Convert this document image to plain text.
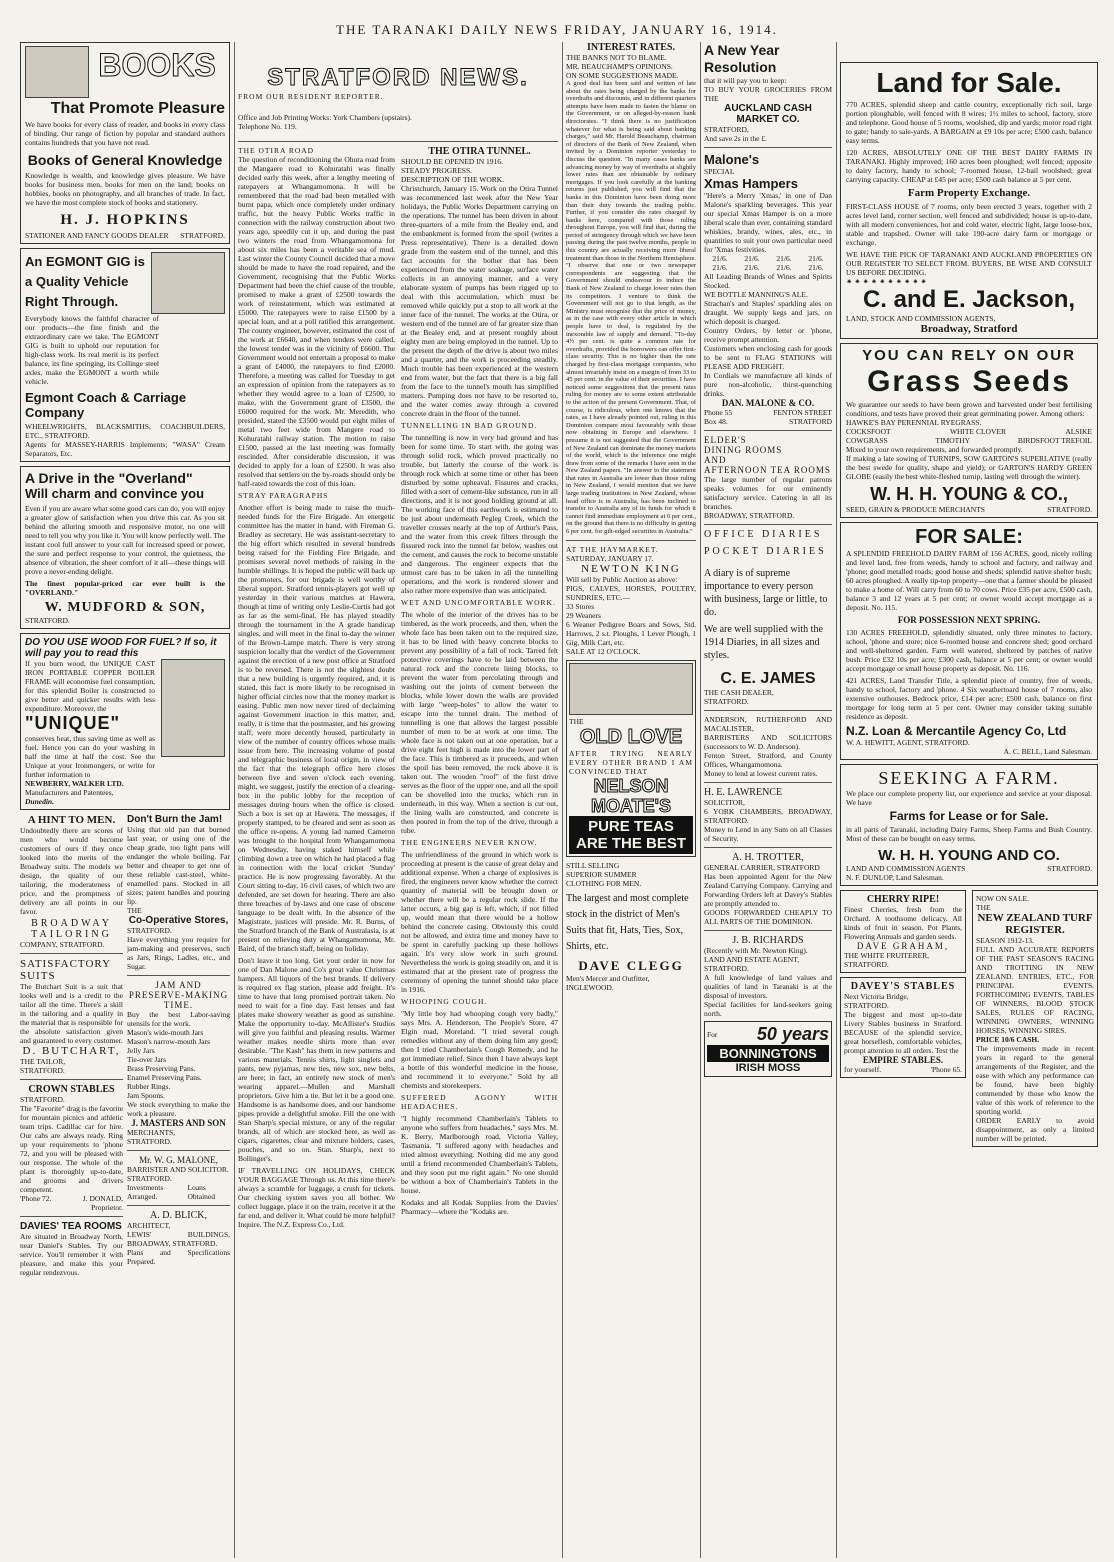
$_{THE TARANAKI DAILY NEWS FRIDAY, JANUARY 16, 1914.}$
BOOKS
That Promote Pleasure
We have books for every class of reader, and books in every class of binding. Our range of fiction by popular and standard authors contains hundreds that you have not read.
Books of General Knowledge
Knowledge is wealth, and knowledge gives pleasure. We have books for business men, books for men on the land; books on hobbies, books on photography, and all branches of trade. In fact, we have the most complete stock of books and stationery.
H. J. HOPKINS
STATIONER AND FANCY GOODS DEALER STRATFORD.
An EGMONT GIG is a Quality Vehicle Right Through.
Everybody knows the faithful character of our products—the fine finish and the extraordinary care we take. The EGMONT GIG is built to uphold our reputation for high-class work. Its real merit is its perfect balance, its fine springing, its Collinge steel axles, make the EGMONT a worth while vehicle.
Egmont Coach & Carriage Company
WHEELWRIGHTS, BLACKSMITHS, COACHBUILDERS, ETC., STRATFORD.
Agents for MASSEY-HARRIS Implements; "WASA" Cream Separators, Etc.
A Drive in the "Overland"
Will charm and convince you
Even if you are aware what some good cars can do, you will enjoy a greater glow of satisfaction when you drive this car. As you sit behind the alluring smooth and responsive motor, no one will need to tell you why you like it. You will know perfectly well. The instant cool full answer to your call for increased speed or power, the sure and perfect response to your control, the quietness, the absence of vibration, the sheer comfort of it all—these things will prove a never-ending delight.
The finest popular-priced car ever built is the "OVERLAND."
W. MUDFORD & SON,
STRATFORD.
DO YOU USE WOOD FOR FUEL? If so, it will pay you to read this
If you burn wood, the UNIQUE CAST IRON PORTABLE COPPER BOILER FRAME will economise fuel consumption, for this splendid Boiler is constructed to give better and quicker results with less expenditure. Moreover, the
"UNIQUE"
conserves heat, thus saving time as well as fuel. Hence you can do your washing in half the time at half the cost. See the Unique at your Ironmongers, or write for further information to
NEWBERRY, WALKER LTD.
Manufacturers and Patentees,
Dunedin.
A HINT TO MEN.
Undoubtedly there are scores of men who would become customers of ours if they once looked into the merits of the Broadway suits. The models we design, the quality of our tailoring, the moderateness of price, and the promptness of delivery are all points in our favor.
BROADWAY
TAILORING
COMPANY, STRATFORD.
SATISFACTORY SUITS
The Butchart Suit is a suit that looks well and is a credit to the tailor all the time. There's a skill in the tailoring and a quality in the material that is responsible for the absolute satisfaction given and guaranteed to every customer.
D. BUTCHART,
THE TAILOR,
STRATFORD.
CROWN STABLES
STRATFORD.
The "Favorite" drag is the favorite for mountain picnics and athletic team trips. Cadillac car for hire. Our cabs are always ready. Ring up your requirements to 'phone 72, and you will be pleased with our response. The whole of the plant is thoroughly up-to-date, and grooms and drivers competent.
'Phone 72.	J. DONALD,
Proprietor.
DAVIES' TEA ROOMS
Are situated in Broadway North, near Daniel's Stables. Try our service. You'll remember it with pleasure, and make this your regular rendezvous.
Don't Burn the Jam!
Using that old pan that burned last year, or using one of the cheap grade, too light pans will endanger the whole boiling. Far better and cheaper to get one of these reliable cast-steel, white-enamelled pans. Stocked in all sizes; patent handles and pouring lip.
THE
Co-Operative Stores,
STRATFORD.
Have everything you require for jam-making and preserves, such as Jars, Rings, Ladles, etc., and Sugar.
JAM AND PRESERVE-MAKING TIME.
Buy the best Labor-saving utensils for the work.
Mason's wide-mouth Jars
Mason's narrow-mouth Jars
Jelly Jars
Tie-over Jars
Brass Preserving Pans.
Enamel Preserving Pans.
Rubber Rings.
Jam Spoons.
We stock everything to make the work a pleasure.
J. MASTERS AND SON
MERCHANTS,
STRATFORD.
Mr. W. G. MALONE,
BARRISTER AND SOLICITOR.
STRATFORD.
Investments Arranged.
Loans Obtained
A. D. BLICK,
ARCHITECT,
LEWIS' BUILDINGS, BROADWAY, STRATFORD.
Plans and Specifications Prepared.
STRATFORD NEWS.
FROM OUR RESIDENT REPORTER.
Office and Job Printing Works: York Chambers (upstairs).
Telephone No. 119.
THE OTIRA ROAD
The question of reconditioning the Ohura road from the Mangaere road to Kohuratahi was finally decided early this week, after a lengthy meeting of ratepayers at Whangamomona. It will be remembered that the road had been metalled with burnt papa, which once completely under ordinary traffic, but the heavy Public Works traffic in connection with the railway construction about two years ago, speedily cut it up, and during the past two winters the road from Whangamomona for about six miles has been a veritable sea of mud. Last winter the County Council decided that a move should be made to have the road repaired, and the Government, recognising that the Public Works Department had been the chief cause of the trouble, promised to make a grant of £2500 towards the work of reinstatement, which was estimated at £5000. The ratepayers were to raise £1500 by a special loan, and at a poll ratified this arrangement. The county engineer, however, estimated the cost of the work at £6640, and when tenders were called, the lowest tender was in the vicinity of £6600. The Government would not entertain a proposal to make a grant of £4000, the ratepayers to find £2000. Therefore, a meeting was called for Tuesday to get an expression of opinion from the ratepayers as to whether they would agree to a loan of £2500, to make, with the Government grant of £3500, the £6000 required for the work. Mr. Meredith, who presided, stated the £3500 would put eight miles of metal two feet wide from Mangere road to Kohuratahi railway station. The motion to raise £1500, passed at the last meeting was formally rescinded. After considerable discussion, it was decided to apply for a loan of £2500. It was also resolved that settlers on the by-roads should only be half-rated towards the cost of this loan.
STRAY PARAGRAPHS
Another effort is being made to raise the much-needed funds for the Fire Brigade. An energetic committee has the matter in hand, with Fireman G. Bradley as secretary. He was assistant-secretary to the big effort which resulted in several hundreds being raised for the Fielding Fire Brigade, and promises several novel methods of raising in the humble shillings. It is hoped the public will back up the promoters, for our brigade is well worthy of liberal support. Stratford tennis-players got well up yesterday in their various matches at Hawera, though at time of writing only Leslie-Curtis had got as far as the semi-final. He has played steadily through the tournament in the A grade handicap singles, and will meet in the final to-day the winner of the Brown-Lampe match. There is very strong suspicion locally that the verdict of the Government against the erection of a new post office at Stratford is to be reversed. There is not the slightest doubt that a new building is urgently required, and, it is stated, this fact is more likely to be recognised in higher official circles now that the money market is easing. Public men now never tired of declaiming against Government inaction in this matter, and, really, it is time that the postmaster, and his growing staff, were more decently housed, particularly in view of the number of country offices whose mails issue from here. The increasing volume of postal and telegraphic business of local origin, in view of the fact that the telegraph office here closes between five and seven o'clock each evening, might, we suggest, justify the erection of a clearing-box in the public lobby for the reception of messages during hours when the office is closed. Such a box is set up at Hawera. The messages, if properly stamped, to be cleared and sent as soon as the office re-opens. A young lad named Cameron was brought to the hospital from Whangamomona on Wednesday, having staked himself while climbing down a tree on which he had placed a flag in connection with the local cricket 'Sunday' practice. He is now progressing favorably. At the Court sitting to-day, 16 civil cases, of which two are defended, are set down for hearing. There are also three breaches of by-laws and one case of obscene language to be dealt with. In the absence of the Magistrate, justices will preside. Mr. R. Burns, of the Stratford branch of the Bank of Australasia, is at present on relieving duty at Whangamomona, Mr. Baird, of the branch staff, being on holiday.
Don't leave it too long. Get your order in now for one of Dan Malone and Co's great value Christmas hampers. All liquors of the best brands. If delivery is required ex flag station, please add freight. It's time to have that long promised portrait taken. No need to wait for a fine day. Fast lenses and fast plates make showery weather as good as sunshine. Make the opportunity to-day. McAllister's Studios will give you faithful and pleasing results. Warmer weather makes needle shirts more than ever desirable. "The Kash" has them in new patterns and various materials. Tennis shirts, light singlets and pants, new pyjamas, new ties, new sox, new belts, are here; in fact, an entirely new stock of men's wearing apparel.—Mullen and Marshall proprietors. Give him a tie. But let it be a good one. Handsome is as handsome does, and our handsome pipes provide a delightful smoke. Fill the one with Stan Sharp's special mixture, or any of the regular brands, all of which are stocked here, as well as cigars, cigarettes, clear and mixture holders, cases, pouches, and so on. Stan. Sharp's, next to Bollinger's.
IF TRAVELLING ON HOLIDAYS, CHECK YOUR BAGGAGE Through us. At this time there's always a scramble for luggage, a crush for tickets. Our checking system saves you all bother. We collect luggage, place it on the train, receive it at the far end, and deliver it. What could be more helpful? Inquire. The N.Z. Express Co., Ltd.
THE OTIRA TUNNEL.
SHOULD BE OPENED IN 1916.
STEADY PROGRESS.
DESCRIPTION OF THE WORK.
Christchurch, January 15. Work on the Otira Tunnel was recommenced last week after the New Year holidays, the Public Works Department carrying on the operations. The tunnel has been driven in about three-quarters of a mile from the Bealey end, and the embankment is formed from the spoil (writes a Press representative). There is a derailed down grade from the eastern end of the tunnel, and this fact accounts for the bother that has been experienced from the water soakage, surface water collects in an annoying manner, and a very elaborate system of pumps has been rigged up to deal with this accumulation, which must be removed while quickly put a stop to all work at the inner face of the tunnel. The works at the Otira, or western end of the tunnel are of far greater size than at the Bealey end, and at present roughly about eighty men are being employed in the tunnel. Up to the present the depth of the drive is about two miles and a quarter, and the work is proceeding steadily. Much trouble has been experienced at the western end from water, but the fact that there is a big fall from the face to the tunnel's mouth has simplified matters. Pumping does not have to be resorted to, and the water comes away through a covered concrete drain in the floor of the tunnel.
TUNNELLING IN BAD GROUND.
The tunnelling is now in very bad ground and has been for some time. To start with, the going was through solid rock, which proved practically no trouble, but latterly the course of the work is through rock which at some time or other has been disturbed by some upheaval. Fissures and cracks, filled with a sort of cement-like substance, run in all directions, and it is not good holding ground at all. The working face of this earthwork is estimated to be just about underneath Pegleg Creek, which the traveller crosses nearly at the top of Arthur's Pass, and the water from this creek filters through the fissured rock into the tunnel far below, washes out the cement, and causes the rock to become unstable and dangerous. The engineer expects that the utmost care has to be taken in all the tunnelling operations, and the work is rendered slower and also rather more expensive than was anticipated.
WET AND UNCOMFORTABLE WORK.
The whole of the interior of the drives has to be timbered, as the work proceeds, and then, when the whole face has been taken out to the required size, it has to be lined with heavy concrete blocks to prevent any possibility of a fall of rock. Tarred felt protective coverings have to be laid between the natural rock and the concrete lining blocks, to prevent the water from percolating through and washing out the joints of cement between the blocks, while lower down the walls are provided with large "weep-holes" to allow the water to escape into the tunnel drain. The method of tunnelling is one that allows the largest possible number of men to be at work at one time. The whole face is not taken out at one operation, but a drive eight feet high is made into the lower part of the face. This is timbered as it proceeds, and when the spoil has been removed, the rock above it is taken out. The wooden "roof" of the first drive serves as the floor of the upper one, and all the spoil can be shovelled into the trucks, which run in underneath, in this way. When a section is cut out, the lining walls are constructed, and concrete is then poured in from the top of the drive, through a tube.
THE ENGINEERS NEVER KNOW.
The unfriendliness of the ground in which work is proceeding at present is the cause of great delay and additional expense. When a charge of explosives is fired, the engineers never know whether the correct quantity of material will be brought down or whether there will be a regular rock slide. If the latter occurs, a big gap is left, which, if not filled up, would mean that there would be a hollow behind the concrete casing. Obviously this could not be allowed, and extra time and money have to be spent in carefully packing up these hollows again. It's very slow work in such ground. Nevertheless the work is going steadily on, and it is estimated that at the present rate of progress the ceremony of opening the tunnel should take place in 1916.
WHOOPING COUGH.
"My little boy had whooping cough very badly," says Mrs. A. Henderson, The People's Store, 47 Elgin road, Moreland. "I tried several cough remedies without any of them doing him any good; then I tried Chamberlain's Cough Remedy, and he got immediate relief. Since then I have always kept a bottle of this wonderful medicine in the house, and recommend it to everyone." Sold by all chemists and storekeepers.
SUFFERED AGONY WITH HEADACHES.
"I highly recommend Chamberlain's Tablets to anyone who suffers from headaches," says Mrs. M. K. Berry, Marlborough road, Victoria Valley, Tasmania. "I suffered agony with headaches and tried almost everything. Nothing did me any good until a friend recommended Chamberlain's Tablets, and they soon put me right again." No one should be without a box of Chamberlain's Tablets in the house.
Kodaks and all Kodak Supplies from the Davies' Pharmacy—where the "Kodaks are.
INTEREST RATES.
THE BANKS NOT TO BLAME.
MR. BEAUCHAMP'S OPINIONS.
ON SOME SUGGESTIONS MADE.
A good deal has been said and written of late about the rates being charged by the banks for overdrafts and discounts, and in different quarters attempts have been made to fasten the blame on the Government, or on alleged-by-reason bank directorates. "I think there is no justification whatever for what is being said about banking charges," said Mr. Harold Beauchamp, chairman of directors of the Bank of New Zealand, when invited by a Dominion reporter yesterday to discuss the question. "In many cases banks are advancing money by way of overdrafts at slightly lower rates than are obtainable by ordinary mortgages. If you look carefully at the banking returns just published, you will find that the banks in this Dominion have been doing more than their duty towards the trading public. Further, if you consider the rates charged by banks here, compared with those ruling throughout Europe, you will find that, during the period of stringency through which we have been passing during the past twelve months, people in this country are actually receiving more liberal treatment than those in the Northern Hemisphere. "I observe that one or two newspaper correspondents are suggesting that the Government should endeavour to induce the Bank of New Zealand to charge lower rates than its competitors. I venture to think the Government will not go to that length, as the Ministry must recognise that the price of money, as in the case with every other article in which people have to deal, is regulated by the inexorable law of supply and demand. "To-day 4½ per cent. is quite a common rate for overdrafts, provided the borrowers can offer first-class security. This is no higher than the rate charged by first-class mortgage companies, who almost invariably insist on a margin of from 33 to 45 per cent. in the value of their securities. I have noticed some suggestions that the present rates ruling for money are to some extent attributable to the action of the present Government. That, of course, is ridiculous, when one knows that the rates, as I have already pointed out, ruling in this Dominion compare most favourably with those now obtaining in Europe and elsewhere. I presume it is not suggested that the Government of New Zealand can dominate the money markets of the world, which is the inference one might draw from some of the remarks I have seen in the New Zealand papers. "In answer to the statement that rates in Australia are lower than those ruling in New Zealand, I would mention that we have large trading institutions in New Zealand, whose head office is in Australia, has been inclined to transfer to Australia any of its funds for which it cannot find immediate employment at 6 per cent., on the ground that there is no difficulty in getting 6 per cent. for gilt-edged securities in Australia."
AT THE HAYMARKET.
SATURDAY, JANUARY 17.
NEWTON KING
Will sell by Public Auction as above:
PIGS, CALVES, HORSES, POULTRY, SUNDRIES, ETC.—
33 Stores
29 Weaners
6 Weaner Pedigree Boars and Sows, Std. Harrows, 2 s.t. Ploughs, 1 Lever Plough, 1 Gig, Milk Cart, etc.
SALE AT 12 O'CLOCK.
THE
OLD LOVE
AFTER TRYING NEARLY EVERY OTHER BRAND I AM CONVINCED THAT
NELSON MOATE'S
PURE TEAS ARE THE BEST
STILL SELLING
SUPERIOR SUMMER
CLOTHING FOR MEN.
The largest and most complete stock in the district of Men's Suits that fit, Hats, Ties, Sox, Shirts, etc.
DAVE CLEGG
Men's Mercer and Outfitter,
INGLEWOOD.
A New Year Resolution
that it will pay you to keep:
TO BUY YOUR GROCERIES FROM THE
AUCKLAND CASH MARKET CO.
STRATFORD,
And save 2s in the £.
Malone's
SPECIAL
Xmas Hampers
"Here's a Merry 'Xmas,' in one of Dan Malone's sparkling beverages. This year our special Xmas Hamper is on a more liberal scale than ever, containing standard whiskies, brandy, wines, ales, etc., in quantities to suit your own particular need for 'Xmas festivities.
21/6.	21/6.	21/6.	21/6.
21/6.	21/6.	21/6.	21/6.
All Leading Brands of Wines and Spirits Stocked.
WE BOTTLE MANNING'S ALE.
Strachan's and Staples' sparkling ales on draught. We supply kegs and jars, on which deposit is charged.
Country Orders, by letter or 'phone, receive prompt attention.
Customers when enclosing cash for goods to be sent to FLAG STATIONS will PLEASE ADD FREIGHT.
In Cordials we manufacture all kinds of pure non-alcoholic, thirst-quenching drinks.
DAN. MALONE & CO.
Phone 55	FENTON STREET
Box 48.	STRATFORD
ELDER'S
DINING ROOMS
AND
AFTERNOON TEA ROOMS
The large number of regular patrons speaks volumes for our eminently satisfactory service. Catering in all its branches.
BROADWAY, STRATFORD.
OFFICE DIARIES
POCKET DIARIES
A diary is of supreme importance to every person with business, large or little, to do.
We are well supplied with the 1914 Diaries, in all sizes and styles.
C. E. JAMES
THE CASH DEALER,
STRATFORD.
ANDERSON, RUTHERFORD AND MACALISTER,
BARRISTERS AND SOLICITORS (successors to W. D. Anderson).
Fenton Street, Stratford, and County Offices, Whangamomona.
Money to lend at lowest current rates.
H. E. LAWRENCE
SOLICITOR,
6 YORK CHAMBERS, BROADWAY, STRATFORD.
Money to Lend in any Sum on all Classes of Security.
A. H. TROTTER,
GENERAL CARRIER, STRATFORD
Has been appointed Agent for the New Zealand Carrying Company. Carrying and Forwarding Orders left at Davey's Stables are promptly attended to.
GOODS FORWARDED CHEAPLY TO ALL PARTS OF THE DOMINION.
J. B. RICHARDS
(Recently with Mr. Newton King).
LAND AND ESTATE AGENT,
STRATFORD.
A full knowledge of land values and qualities of land in Taranaki is at the disposal of investors.
Special facilities for land-seekers going north.
For 50 years
BONNINGTONS
IRISH MOSS
Land for Sale.
770 ACRES, splendid sheep and cattle country, exceptionally rich soil, large portion ploughable, well fenced with 8 wires; 1½ miles to school, factory, store and telephone. Good house of 5 rooms, woolshed, dip and yards; motor road right to gate; handy to sale-yards. A BARGAIN at £9 10s per acre; £500 cash, balance easy terms.
120 ACRES, ABSOLUTELY ONE OF THE BEST DAIRY FARMS IN TARANAKI. Highly improved; 160 acres been ploughed; well fenced; opposite to dairy factory, handy to school; 7-roomed house, 12-bail woolshed; great carrying capacity. CHEAP at £45 per acre; £500 cash balance at 5 per cent.
Farm Property Exchange.
FIRST-CLASS HOUSE of 7 rooms, only been erected 3 years, together with 2 acres level land, corner section, well fenced and subdivided; house is up-to-date, with all modern conveniences, hot and cold water, electric light, large loose-box, stable and trapshed. Owner will take 190-acre dairy farm or mortgage or exchange.
WE HAVE THE PICK OF TARANAKI AND AUCKLAND PROPERTIES ON OUR REGISTER TO SELECT FROM. BUYERS, BE WISE AND CONSULT US BEFORE DECIDING.
⁕⁕⁕⁕⁕⁕⁕⁕⁕⁕
C. and E. Jackson,
LAND, STOCK AND COMMISSION AGENTS,
Broadway, Stratford
YOU CAN RELY ON OUR
Grass Seeds
We guarantee our seeds to have been grown and harvested under best fertilising conditions, and tests have proved their great germinating power. Among others:
HAWKE'S BAY PERENNIAL RYEGRASS.
COCKSFOOT	WHITE CLOVER	ALSIKE
COWGRASS	TIMOTHY	BIRDSFOOT TREFOIL
Mixed to your own requirements, and forwarded promptly.
If making a late sowing of TURNIPS, SOW GARTON'S SUPERLATIVE (really the best swede for quality, shape and yield); or GARTON'S HARDY GREEN GLOBE (easily the best white-fleshed turnip, lasting well through the winter).
W. H. H. YOUNG & CO.,
SEED, GRAIN & PRODUCE MERCHANTS	STRATFORD.
FOR SALE:
A SPLENDID FREEHOLD DAIRY FARM of 156 ACRES, good, nicely rolling and level land, free from weeds, handy to school and factory, and railway and 'phone; good metalled roads; good house and sheds; splendid native shelter bush; 60 acres ploughed. A really tip-top property—one that a farmer should be pleased to make a home of. Will carry from 60 to 70 cows. Price £35 per acre, £500 cash, balance 3 and 12 years at 5 per cent; or owner would accept mortgage as a deposit. No. 115.
FOR POSSESSION NEXT SPRING.
130 ACRES FREEHOLD, splendidly situated, only three minutes to factory, school, 'phone and store; nice 6-roomed house and concrete shed; good orchard and well-sheltered garden. Farm well watered, sheltered by patches of native bush. Price £32 10s per acre; £300 cash, balance at 5 per cent; or owner would accept mortgage or small house property as deposit. No. 116.
421 ACRES, Land Transfer Title, a splendid piece of country, free of weeds, handy to school, factory and 'phone. 4 Six weathertoard house of 7 rooms, also extensive outhouses. Bedrock price, £14 per acre; £500 cash, balance on first mortgage for long term at 5 per cent. Owner may consider taking suitable residence as deposit.
N.Z. Loan & Mercantile Agency Co, Ltd
W. A. HEWITT, AGENT, STRATFORD.
A. C. BELL, Land Salesman.
SEEKING A FARM.
We place our complete property list, our experience and service at your disposal. We have
Farms for Lease or for Sale.
in all parts of Taranaki, including Dairy Farms, Sheep Farms and Bush Country. Most of these can be bought on easy terms.
W. H. H. YOUNG AND CO.
LAND AND COMMISSION AGENTS	STRATFORD.
N. F. DUNLOP, Land Salesman.
CHERRY RIPE!
Finest Cherries, fresh from the Orchard. A toothsome delicacy. All kinds of fruit in season. Pot Plants, Flowering Annuals and garden seeds.
DAVE GRAHAM,
THE WHITE FRUITERER,
STRATFORD.
DAVEY'S STABLES
Next Victoria Bridge,
STRATFORD.
The biggest and most up-to-date Livery Stables business in Stratford. BECAUSE of the splendid service, great horseflesh, comfortable vehicles, prompt attention to all orders. Test the
EMPIRE STABLES.
for yourself.	'Phone 65.
NOW ON SALE.
THE
NEW ZEALAND TURF REGISTER.
SEASON 1912-13.
FULL AND ACCURATE REPORTS OF THE PAST SEASON'S RACING AND TROTTING IN NEW ZEALAND. ENTRIES, ETC., FOR PRINCIPAL EVENTS. FORTHCOMING EVENTS, TABLES OF WINNERS, BLOOD STOCK SALES, RULES OF RACING, WINNING OWNERS, WINNING HORSES, WINNING SIRES.
PRICE 10/6 CASH.
The improvements made in recent years in regard to the general arrangements of the Register, and the ease with which any performance can be found, have been highly commended by those who know the value of this work of reference to the sporting world.
ORDER EARLY to avoid disappointment, as only a limited number will be printed.
